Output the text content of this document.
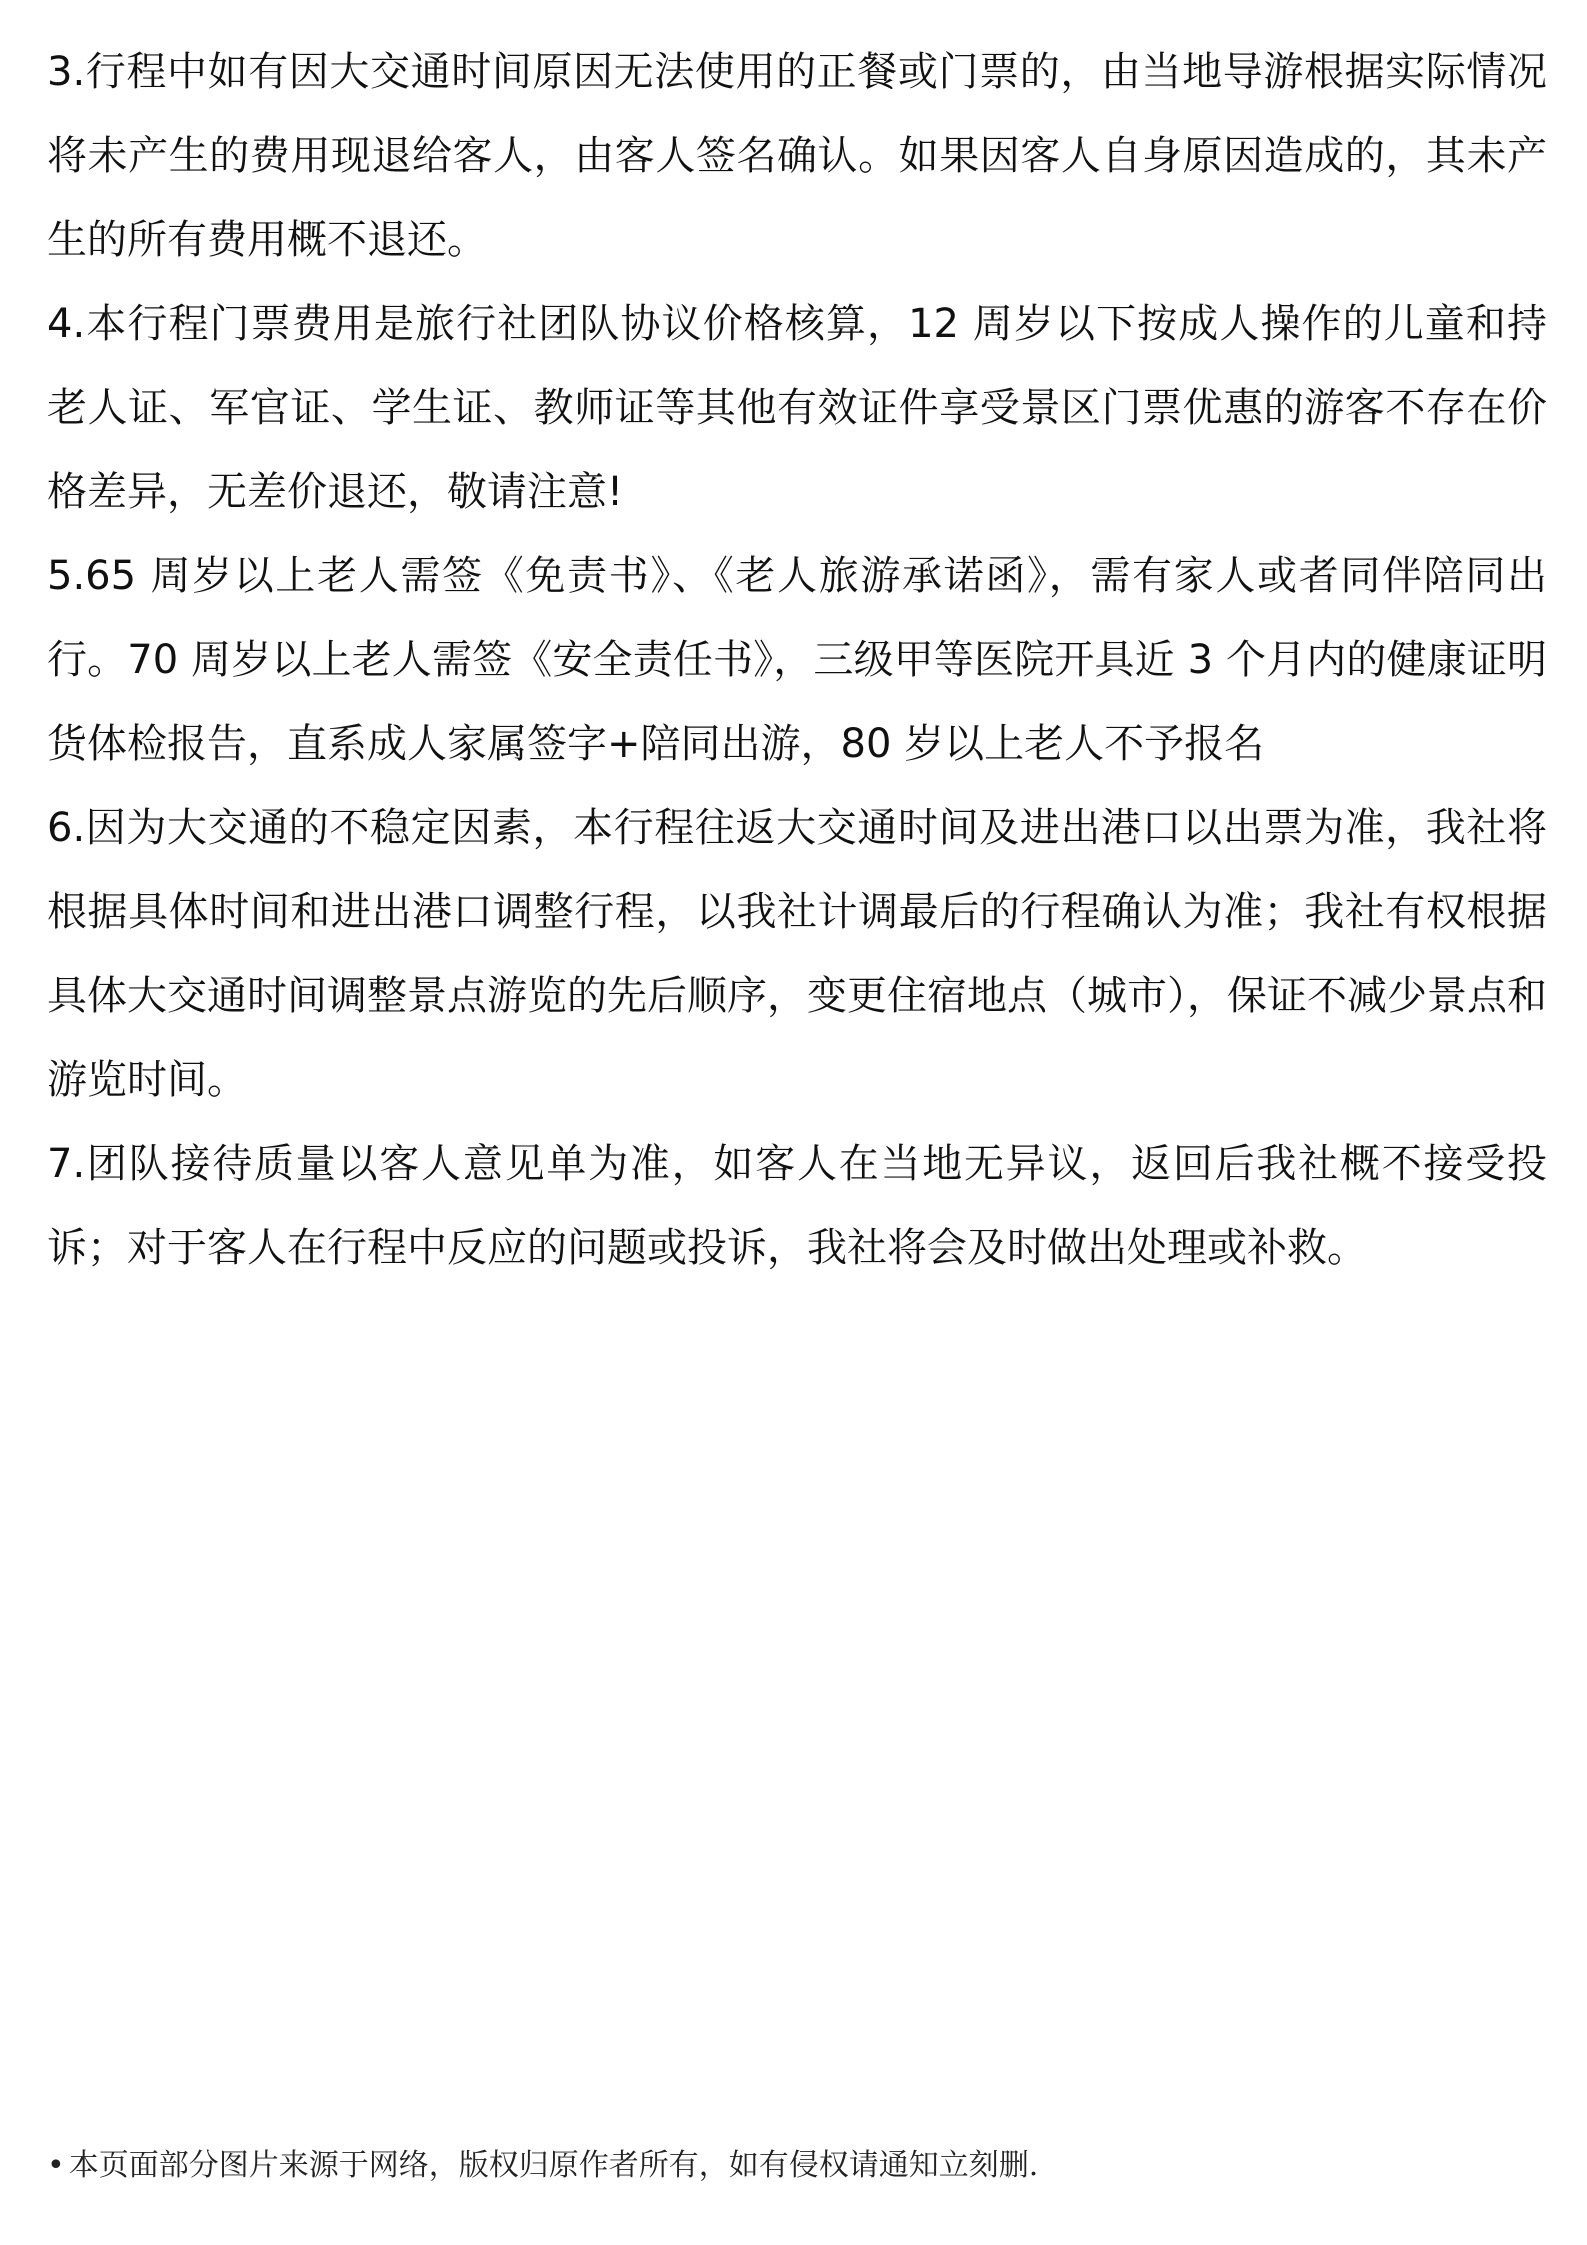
3.行程中如有因大交通时间原因无法使用的正餐或门票的，由当地导游根据实际情况将未产生的费用现退给客人，由客人签名确认。如果因客人自身原因造成的，其未产生的所有费用概不退还。

4.本行程门票费用是旅行社团队协议价格核算，12 周岁以下按成人操作的儿童和持老人证、军官证、学生证、教师证等其他有效证件享受景区门票优惠的游客不存在价格差异，无差价退还，敬请注意!

5.65 周岁以上老人需签《免责书》、《老人旅游承诺函》，需有家人或者同伴陪同出行。70 周岁以上老人需签《安全责任书》，三级甲等医院开具近 3 个月内的健康证明货体检报告，直系成人家属签字+陪同出游，80 岁以上老人不予报名

6.因为大交通的不稳定因素，本行程往返大交通时间及进出港口以出票为准，我社将根据具体时间和进出港口调整行程，以我社计调最后的行程确认为准；我社有权根据具体大交通时间调整景点游览的先后顺序，变更住宿地点（城市），保证不减少景点和游览时间。

7.团队接待质量以客人意见单为准，如客人在当地无异议，返回后我社概不接受投诉；对于客人在行程中反应的问题或投诉，我社将会及时做出处理或补救。

• 本页面部分图片来源于网络，版权归原作者所有，如有侵权请通知立刻删.
